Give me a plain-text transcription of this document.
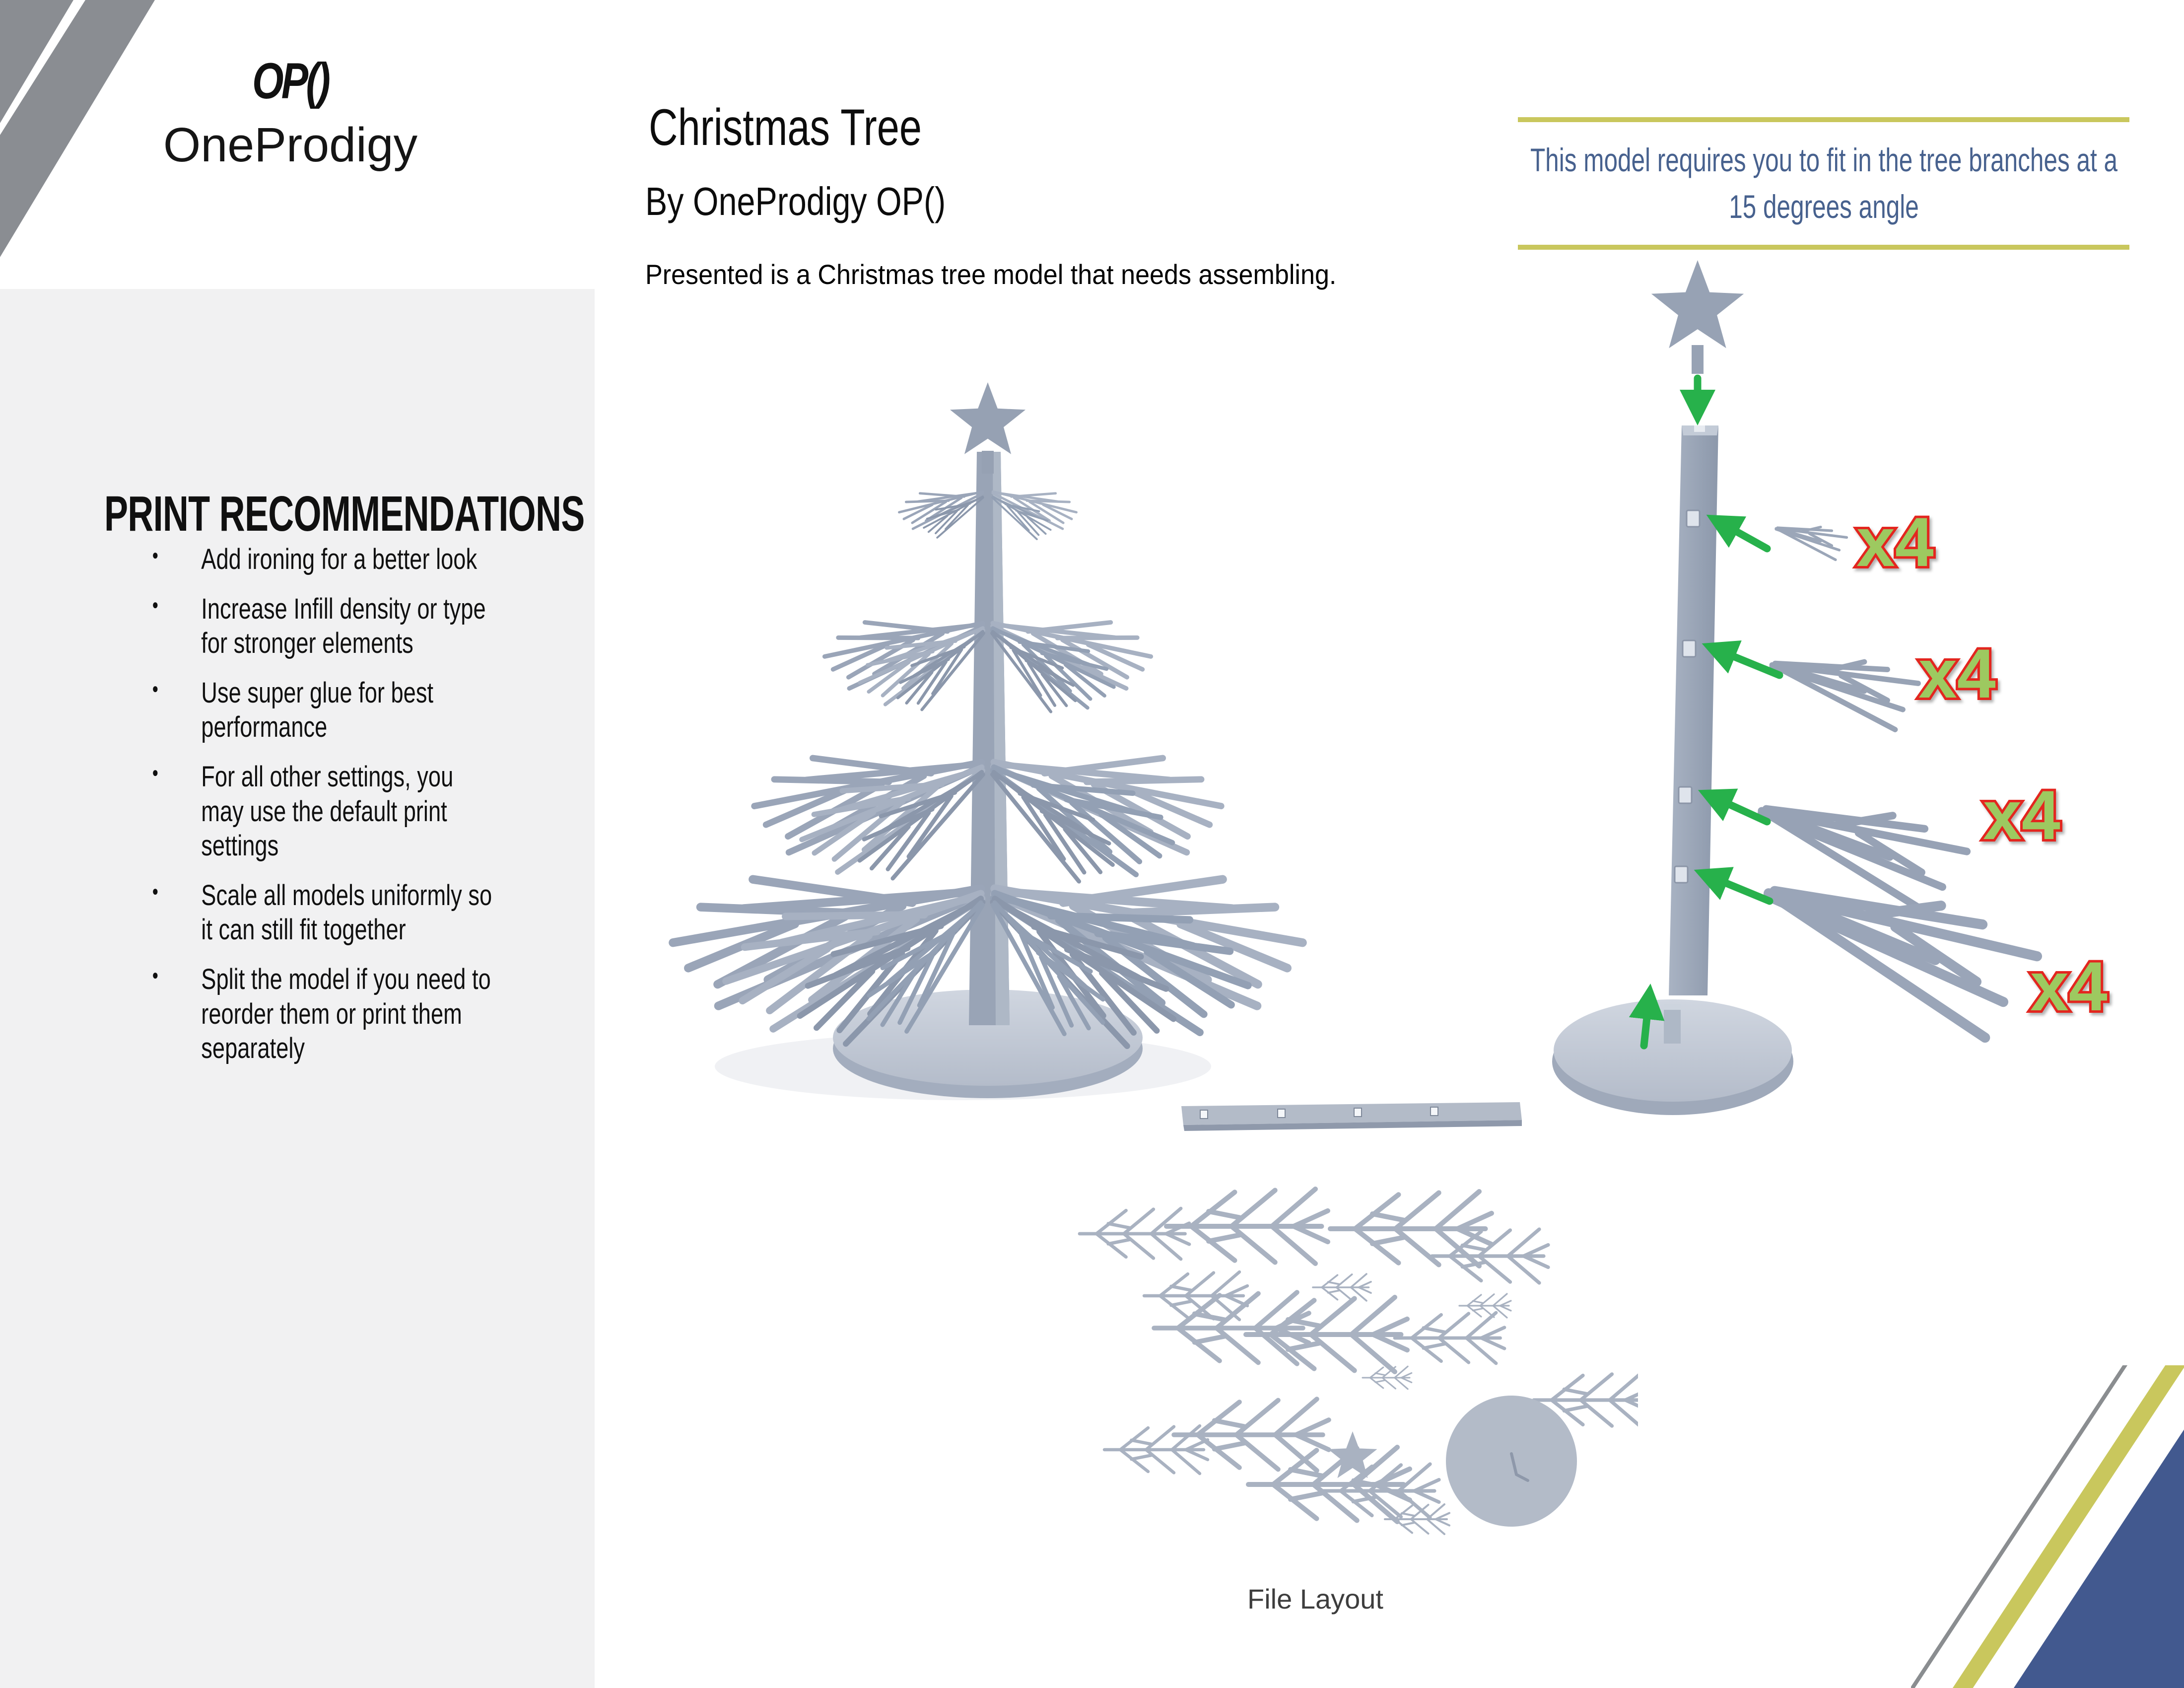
OP()
OneProdigy
PRINT RECOMMENDATIONS
● Add ironing for a better look
● Increase Infill density or type for stronger elements
● Use super glue for best performance
● For all other settings, you may use the default print settings
● Scale all models uniformly so it can still fit together
● Split the model if you need to reorder them or print them separately
Christmas Tree
By OneProdigy OP()
Presented is a Christmas tree model that needs assembling.
This model requires you to fit in the tree branches at a 15 degrees angle
x4
x4
x4
x4
File Layout
